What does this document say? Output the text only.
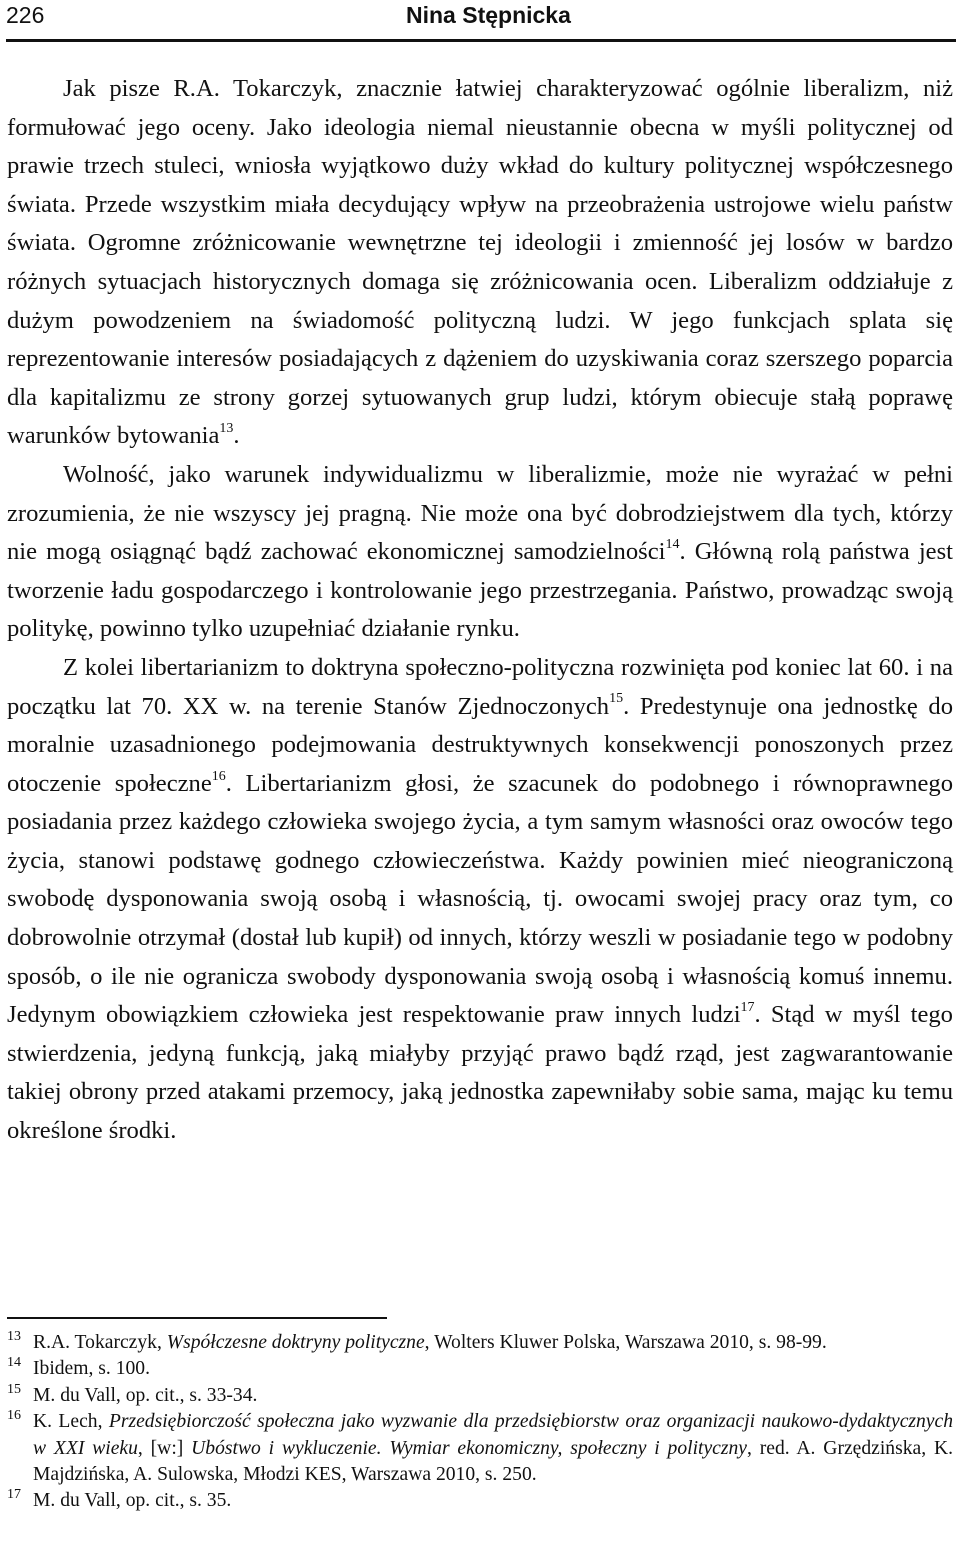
226	Nina Stępnicka

Jak pisze R.A. Tokarczyk, znacznie łatwiej charakteryzować ogólnie liberalizm, niż formułować jego oceny. Jako ideologia niemal nieustannie obecna w myśli politycznej od prawie trzech stuleci, wniosła wyjątkowo duży wkład do kultury politycznej współczesnego świata. Przede wszystkim miała decydujący wpływ na przeobrażenia ustrojowe wielu państw świata. Ogromne zróżnicowanie wewnętrzne tej ideologii i zmienność jej losów w bardzo różnych sytuacjach historycznych domaga się zróżnicowania ocen. Liberalizm oddziałuje z dużym powodzeniem na świadomość polityczną ludzi. W jego funkcjach splata się reprezentowanie interesów posiadających z dążeniem do uzyskiwania coraz szerszego poparcia dla kapitalizmu ze strony gorzej sytuowanych grup ludzi, którym obiecuje stałą poprawę warunków bytowania$^{13}$.

Wolność, jako warunek indywidualizmu w liberalizmie, może nie wyrażać w pełni zrozumienia, że nie wszyscy jej pragną. Nie może ona być dobrodziejstwem dla tych, którzy nie mogą osiągnąć bądź zachować ekonomicznej samodzielności$^{14}$. Główną rolą państwa jest tworzenie ładu gospodarczego i kontrolowanie jego przestrzegania. Państwo, prowadząc swoją politykę, powinno tylko uzupełniać działanie rynku.

Z kolei libertarianizm to doktryna społeczno-polityczna rozwinięta pod koniec lat 60. i na początku lat 70. XX w. na terenie Stanów Zjednoczonych$^{15}$. Predestynuje ona jednostkę do moralnie uzasadnionego podejmowania destruktywnych konsekwencji ponoszonych przez otoczenie społeczne$^{16}$. Libertarianizm głosi, że szacunek do podobnego i równoprawnego posiadania przez każdego człowieka swojego życia, a tym samym własności oraz owoców tego życia, stanowi podstawę godnego człowieczeństwa. Każdy powinien mieć nieograniczoną swobodę dysponowania swoją osobą i własnością, tj. owocami swojej pracy oraz tym, co dobrowolnie otrzymał (dostał lub kupił) od innych, którzy weszli w posiadanie tego w podobny sposób, o ile nie ogranicza swobody dysponowania swoją osobą i własnością komuś innemu. Jedynym obowiązkiem człowieka jest respektowanie praw innych ludzi$^{17}$. Stąd w myśl tego stwierdzenia, jedyną funkcją, jaką miałyby przyjąć prawo bądź rząd, jest zagwarantowanie takiej obrony przed atakami przemocy, jaką jednostka zapewniłaby sobie sama, mając ku temu określone środki.

13 R.A. Tokarczyk, Współczesne doktryny polityczne, Wolters Kluwer Polska, Warszawa 2010, s. 98-99.
14 Ibidem, s. 100.
15 M. du Vall, op. cit., s. 33-34.
16 K. Lech, Przedsiębiorczość społeczna jako wyzwanie dla przedsiębiorstw oraz organizacji naukowo-dydaktycznych w XXI wieku, [w:] Ubóstwo i wykluczenie. Wymiar ekonomiczny, społeczny i polityczny, red. A. Grzędzińska, K. Majdzińska, A. Sulowska, Młodzi KES, Warszawa 2010, s. 250.
17 M. du Vall, op. cit., s. 35.
